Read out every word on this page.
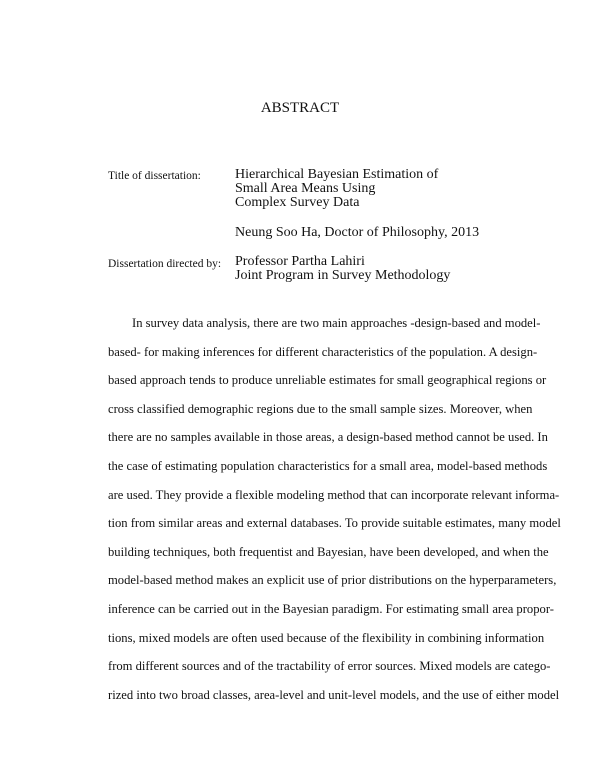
ABSTRACT
Title of dissertation: Hierarchical Bayesian Estimation of
Small Area Means Using
Complex Survey Data
Neung Soo Ha, Doctor of Philosophy, 2013
Dissertation directed by: Professor Partha Lahiri
Joint Program in Survey Methodology
In survey data analysis, there are two main approaches -design-based and model-
based- for making inferences for different characteristics of the population. A design-
based approach tends to produce unreliable estimates for small geographical regions or
cross classified demographic regions due to the small sample sizes. Moreover, when
there are no samples available in those areas, a design-based method cannot be used. In
the case of estimating population characteristics for a small area, model-based methods
are used. They provide a flexible modeling method that can incorporate relevant informa-
tion from similar areas and external databases. To provide suitable estimates, many model
building techniques, both frequentist and Bayesian, have been developed, and when the
model-based method makes an explicit use of prior distributions on the hyperparameters,
inference can be carried out in the Bayesian paradigm. For estimating small area propor-
tions, mixed models are often used because of the flexibility in combining information
from different sources and of the tractability of error sources. Mixed models are catego-
rized into two broad classes, area-level and unit-level models, and the use of either model
